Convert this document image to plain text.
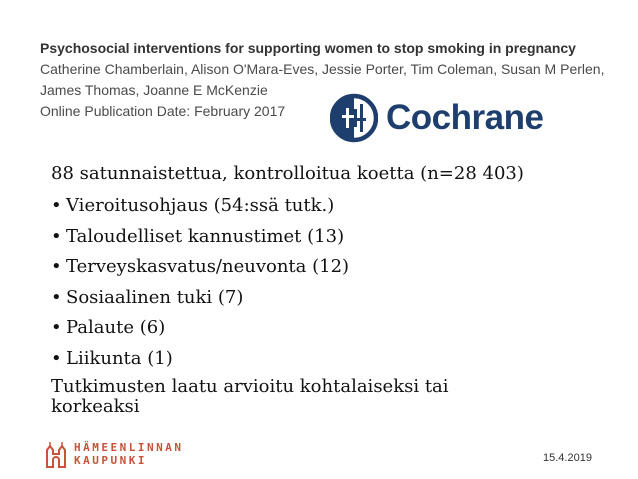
Psychosocial interventions for supporting women to stop smoking in pregnancy
Catherine Chamberlain, Alison O'Mara-Eves, Jessie Porter, Tim Coleman, Susan M Perlen,
James Thomas, Joanne E McKenzie
Online Publication Date: February 2017	Cochrane
88 satunnaistettua, kontrolloitua koetta (n=28 403)
• Vieroitusohjaus (54:ssä tutk.)
• Taloudelliset kannustimet (13)
• Terveyskasvatus/neuvonta (12)
• Sosiaalinen tuki (7)
• Palaute (6)
• Liikunta (1)
Tutkimusten laatu arvioitu kohtalaiseksi tai korkeaksi
HÄMEENLINNAN
KAUPUNKI	15.4.2019
